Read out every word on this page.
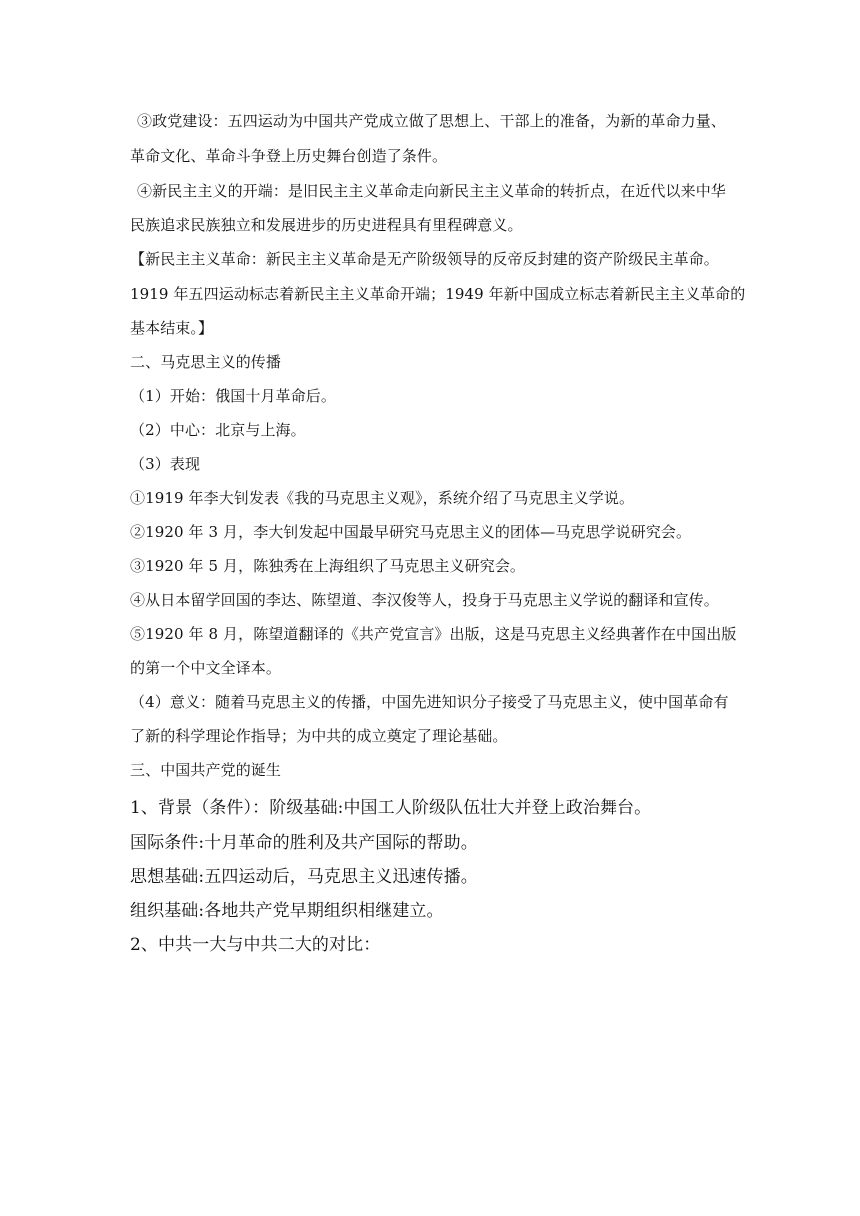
③政党建设：五四运动为中国共产党成立做了思想上、干部上的准备，为新的革命力量、
革命文化、革命斗争登上历史舞台创造了条件。
④新民主主义的开端：是旧民主主义革命走向新民主主义革命的转折点，在近代以来中华
民族追求民族独立和发展进步的历史进程具有里程碑意义。
【新民主主义革命：新民主主义革命是无产阶级领导的反帝反封建的资产阶级民主革命。
1919 年五四运动标志着新民主主义革命开端；1949 年新中国成立标志着新民主主义革命的
基本结束。】
二、马克思主义的传播
（1）开始：俄国十月革命后。
（2）中心：北京与上海。
（3）表现
①1919 年李大钊发表《我的马克思主义观》，系统介绍了马克思主义学说。
②1920 年 3 月，李大钊发起中国最早研究马克思主义的团体—马克思学说研究会。
③1920 年 5 月，陈独秀在上海组织了马克思主义研究会。
④从日本留学回国的李达、陈望道、李汉俊等人，投身于马克思主义学说的翻译和宣传。
⑤1920 年 8 月，陈望道翻译的《共产党宣言》出版，这是马克思主义经典著作在中国出版
的第一个中文全译本。
（4）意义：随着马克思主义的传播，中国先进知识分子接受了马克思主义，使中国革命有
了新的科学理论作指导；为中共的成立奠定了理论基础。
三、中国共产党的诞生
1、背景（条件）：阶级基础:中国工人阶级队伍壮大并登上政治舞台。
国际条件:十月革命的胜利及共产国际的帮助。
思想基础:五四运动后，马克思主义迅速传播。
组织基础:各地共产党早期组织相继建立。
2、中共一大与中共二大的对比：
